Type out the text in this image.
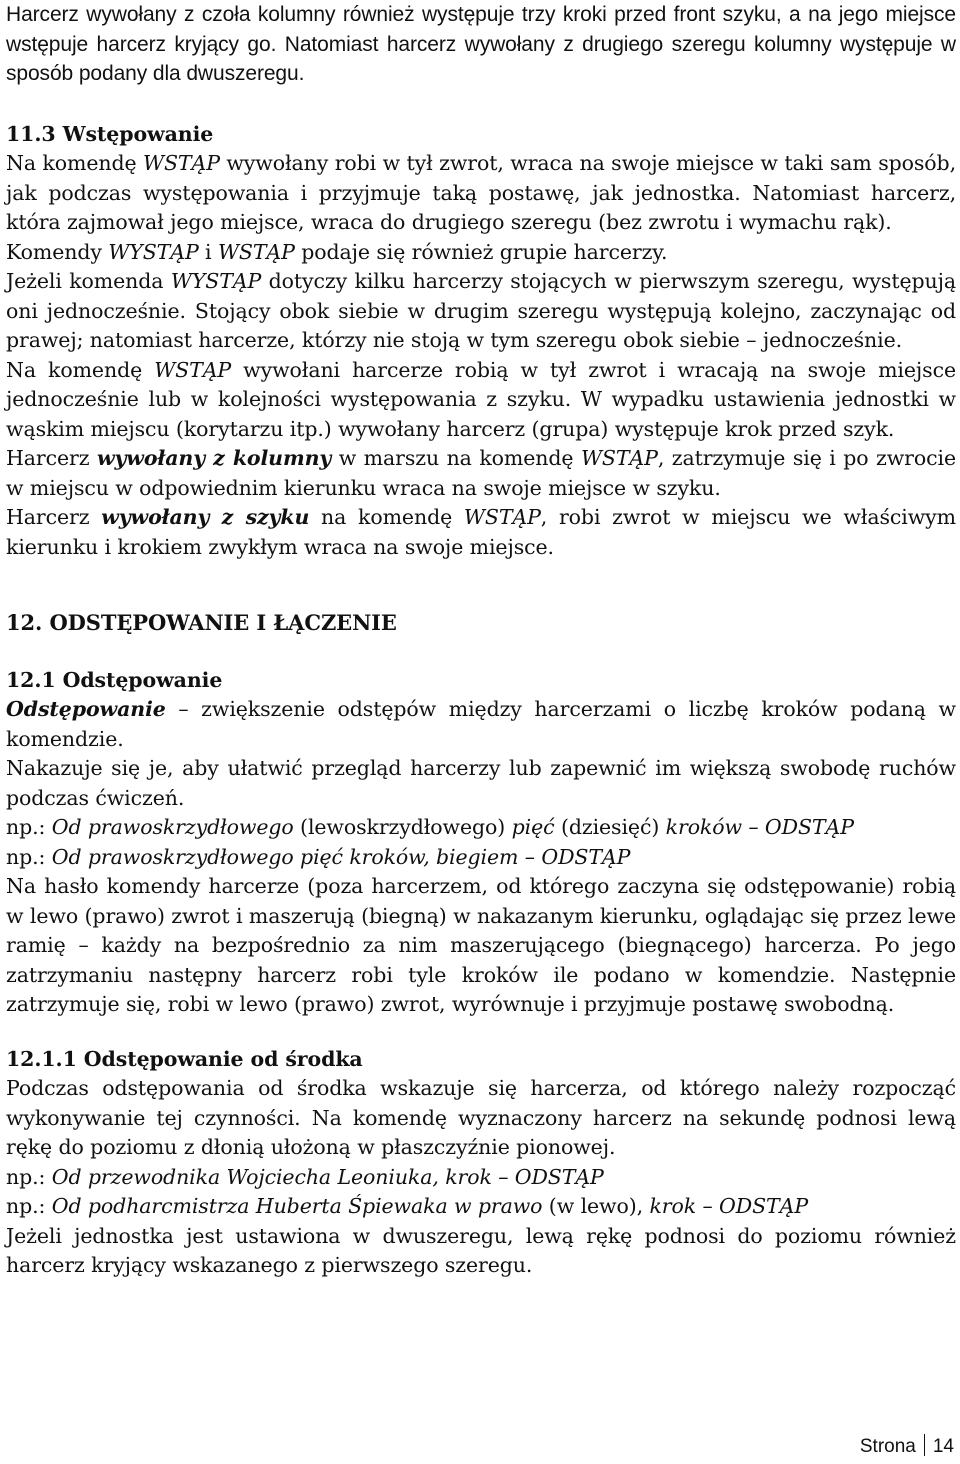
Harcerz wywołany z czoła kolumny również występuje trzy kroki przed front szyku, a na jego miejsce wstępuje harcerz kryjący go. Natomiast harcerz wywołany z drugiego szeregu kolumny występuje w sposób podany dla dwuszeregu.

11.3 Wstępowanie

Na komendę WSTĄP wywołany robi w tył zwrot, wraca na swoje miejsce w taki sam sposób, jak podczas występowania i przyjmuje taką postawę, jak jednostka. Natomiast harcerz, która zajmował jego miejsce, wraca do drugiego szeregu (bez zwrotu i wymachu rąk).

Komendy WYSTĄP i WSTĄP podaje się również grupie harcerzy.

Jeżeli komenda WYSTĄP dotyczy kilku harcerzy stojących w pierwszym szeregu, występują oni jednocześnie. Stojący obok siebie w drugim szeregu występują kolejno, zaczynając od prawej; natomiast harcerze, którzy nie stoją w tym szeregu obok siebie – jednocześnie.

Na komendę WSTĄP wywołani harcerze robią w tył zwrot i wracają na swoje miejsce jednocześnie lub w kolejności występowania z szyku. W wypadku ustawienia jednostki w wąskim miejscu (korytarzu itp.) wywołany harcerz (grupa) występuje krok przed szyk.

Harcerz wywołany z kolumny w marszu na komendę WSTĄP, zatrzymuje się i po zwrocie w miejscu w odpowiednim kierunku wraca na swoje miejsce w szyku.

Harcerz wywołany z szyku na komendę WSTĄP, robi zwrot w miejscu we właściwym kierunku i krokiem zwykłym wraca na swoje miejsce.

12. ODSTĘPOWANIE I ŁĄCZENIE

12.1 Odstępowanie

Odstępowanie – zwiększenie odstępów między harcerzami o liczbę kroków podaną w komendzie.

Nakazuje się je, aby ułatwić przegląd harcerzy lub zapewnić im większą swobodę ruchów podczas ćwiczeń.

np.: Od prawoskrzydłowego (lewoskrzydłowego) pięć (dziesięć) kroków – ODSTĄP

np.: Od prawoskrzydłowego pięć kroków, biegiem – ODSTĄP

Na hasło komendy harcerze (poza harcerzem, od którego zaczyna się odstępowanie) robią w lewo (prawo) zwrot i maszerują (biegną) w nakazanym kierunku, oglądając się przez lewe ramię – każdy na bezpośrednio za nim maszerującego (biegnącego) harcerza. Po jego zatrzymaniu następny harcerz robi tyle kroków ile podano w komendzie. Następnie zatrzymuje się, robi w lewo (prawo) zwrot, wyrównuje i przyjmuje postawę swobodną.

12.1.1 Odstępowanie od środka

Podczas odstępowania od środka wskazuje się harcerza, od którego należy rozpocząć wykonywanie tej czynności. Na komendę wyznaczony harcerz na sekundę podnosi lewą rękę do poziomu z dłonią ułożoną w płaszczyźnie pionowej.

np.: Od przewodnika Wojciecha Leoniuka, krok – ODSTĄP

np.: Od podharcmistrza Huberta Śpiewaka w prawo (w lewo), krok – ODSTĄP

Jeżeli jednostka jest ustawiona w dwuszeregu, lewą rękę podnosi do poziomu również harcerz kryjący wskazanego z pierwszego szeregu.

Strona 14
